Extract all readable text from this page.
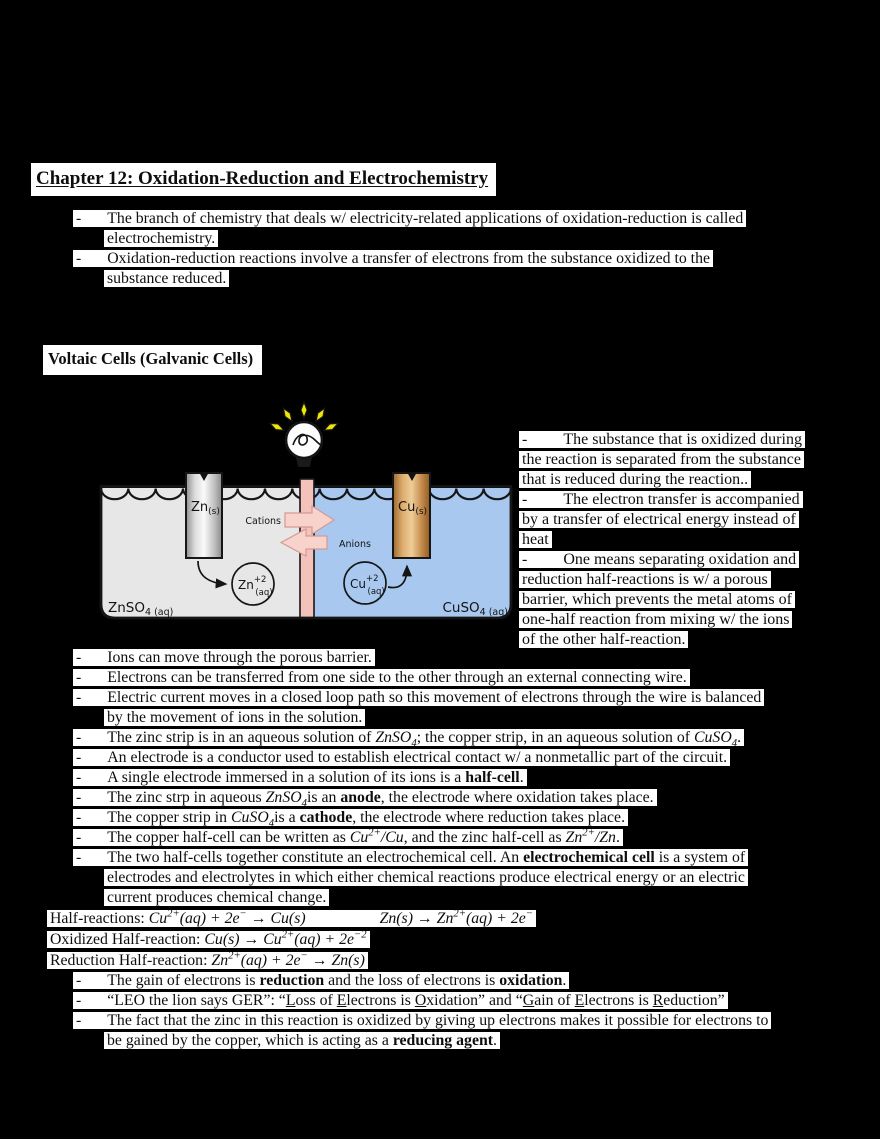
Chapter 12: Oxidation-Reduction and Electrochemistry
- The branch of chemistry that deals w/ electricity-related applications of oxidation-reduction is called
electrochemistry.
- Oxidation-reduction reactions involve a transfer of electrons from the substance oxidized to the
substance reduced.
Voltaic Cells (Galvanic Cells)
$Zn_{(s)}$	$Cu_{(s)}$
Cations
Anions
$Zn^{+2}$ (aq)
$Cu^{+2}$ (aq)
ZnSO$_4$ (aq)	CuSO$_4$ (aq)
-         The substance that is oxidized during
the reaction is separated from the substance
that is reduced during the reaction..
-         The electron transfer is accompanied
by a transfer of electrical energy instead of
heat
-         One means separating oxidation and
reduction half-reactions is w/ a porous
barrier, which prevents the metal atoms of
one-half reaction from mixing w/ the ions
of the other half-reaction.
- Ions can move through the porous barrier.
- Electrons can be transferred from one side to the other through an external connecting wire.
- Electric current moves in a closed loop path so this movement of electrons through the wire is balanced
by the movement of ions in the solution.
- The zinc strip is in an aqueous solution of ZnSO$_4$; the copper strip, in an aqueous solution of CuSO$_4$.
- An electrode is a conductor used to establish electrical contact w/ a nonmetallic part of the circuit.
- A single electrode immersed in a solution of its ions is a half-cell.
- The zinc strp in aqueous ZnSO$_4$is an anode, the electrode where oxidation takes place.
- The copper strip in CuSO$_4$is a cathode, the electrode where reduction takes place.
- The copper half-cell can be written as $Cu^{2+}/Cu$, and the zinc half-cell as $Zn^{2+}/Zn$.
- The two half-cells together constitute an electrochemical cell. An electrochemical cell is a system of
electrodes and electrolytes in which either chemical reactions produce electrical energy or an electric
current produces chemical change.
Half-reactions: $Cu^{2+}(aq) + 2e^- \to Cu(s)$	$Zn(s) \to Zn^{2+}(aq) + 2e^-$
Oxidized Half-reaction: $Cu(s) \to Cu^{2+}(aq) + 2e^{-2}$
Reduction Half-reaction: $Zn^{2+}(aq) + 2e^- \to Zn(s)$
- The gain of electrons is reduction and the loss of electrons is oxidation.
- “LEO the lion says GER”: “Loss of Electrons is Oxidation” and “Gain of Electrons is Reduction”
- The fact that the zinc in this reaction is oxidized by giving up electrons makes it possible for electrons to
be gained by the copper, which is acting as a reducing agent.
